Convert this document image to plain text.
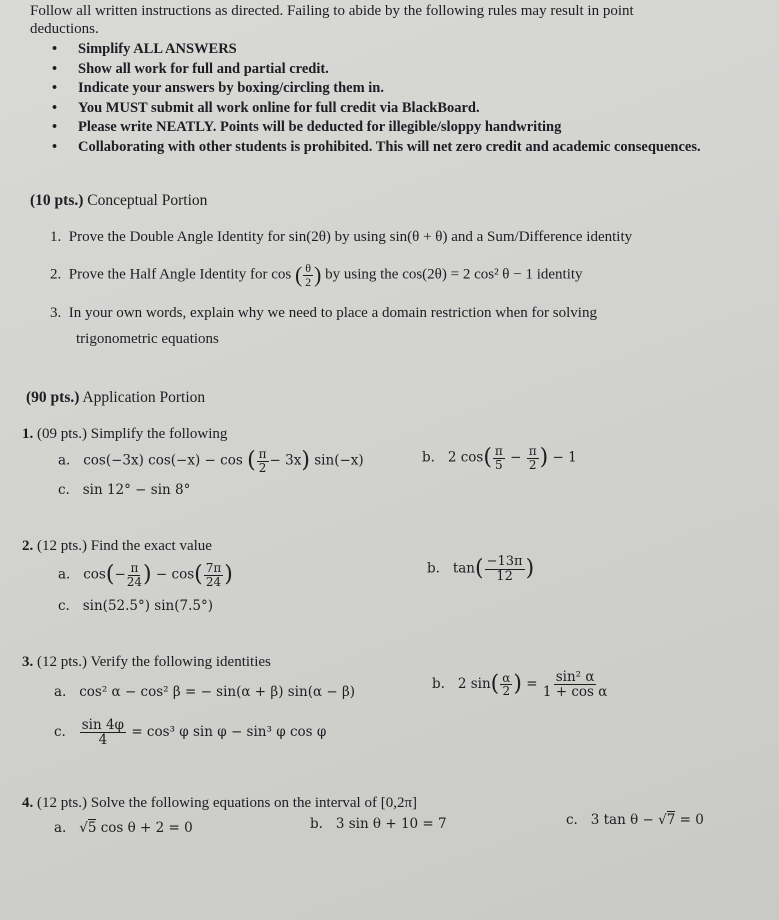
Follow all written instructions as directed. Failing to abide by the following rules may result in point
deductions.
• Simplify ALL ANSWERS
• Show all work for full and partial credit.
• Indicate your answers by boxing/circling them in.
• You MUST submit all work online for full credit via BlackBoard.
• Please write NEATLY. Points will be deducted for illegible/sloppy handwriting
• Collaborating with other students is prohibited. This will net zero credit and academic consequences.
(10 pts.) Conceptual Portion
1. Prove the Double Angle Identity for sin(2θ) by using sin(θ + θ) and a Sum/Difference identity
2. Prove the Half Angle Identity for cos ( $\frac{\theta}{2}$ ) by using the cos(2θ) = 2 cos² θ − 1 identity
3. In your own words, explain why we need to place a domain restriction when for solving
trigonometric equations
(90 pts.) Application Portion
1. (09 pts.) Simplify the following
a. cos(−3x) cos(−x) − cos ( $\frac{\pi}{2} - 3x$) sin(−x)	b. 2 $\cos( \frac{\pi}{5} - \frac{\pi}{2}$ ) − 1
c. sin 12° − sin 8°
2. (12 pts.) Find the exact value
a. $\cos(- \frac{\pi}{24}$ ) − $\cos( \frac{7\pi}{24}$ )	b. $\tan( \frac{-13\pi}{12}$ )
c. sin(52.5°) sin(7.5°)
3. (12 pts.) Verify the following identities
a. cos² α − cos² β = − sin(α + β) sin(α − β)	b. 2 $\sin( \frac{\alpha}{2}$ ) = $\frac{\text{sin² α}}{\text{1 + cos α}}$
c. $\frac{\sin 4\varphi}{4} = \cos^3$ φ sin φ − sin³ φ cos φ
4. (12 pts.) Solve the following equations on the interval of [0,2π]
a. √5 cos θ + 2 = 0	b. 3 sin θ + 10 = 7	c. 3 tan θ − √7 = 0
